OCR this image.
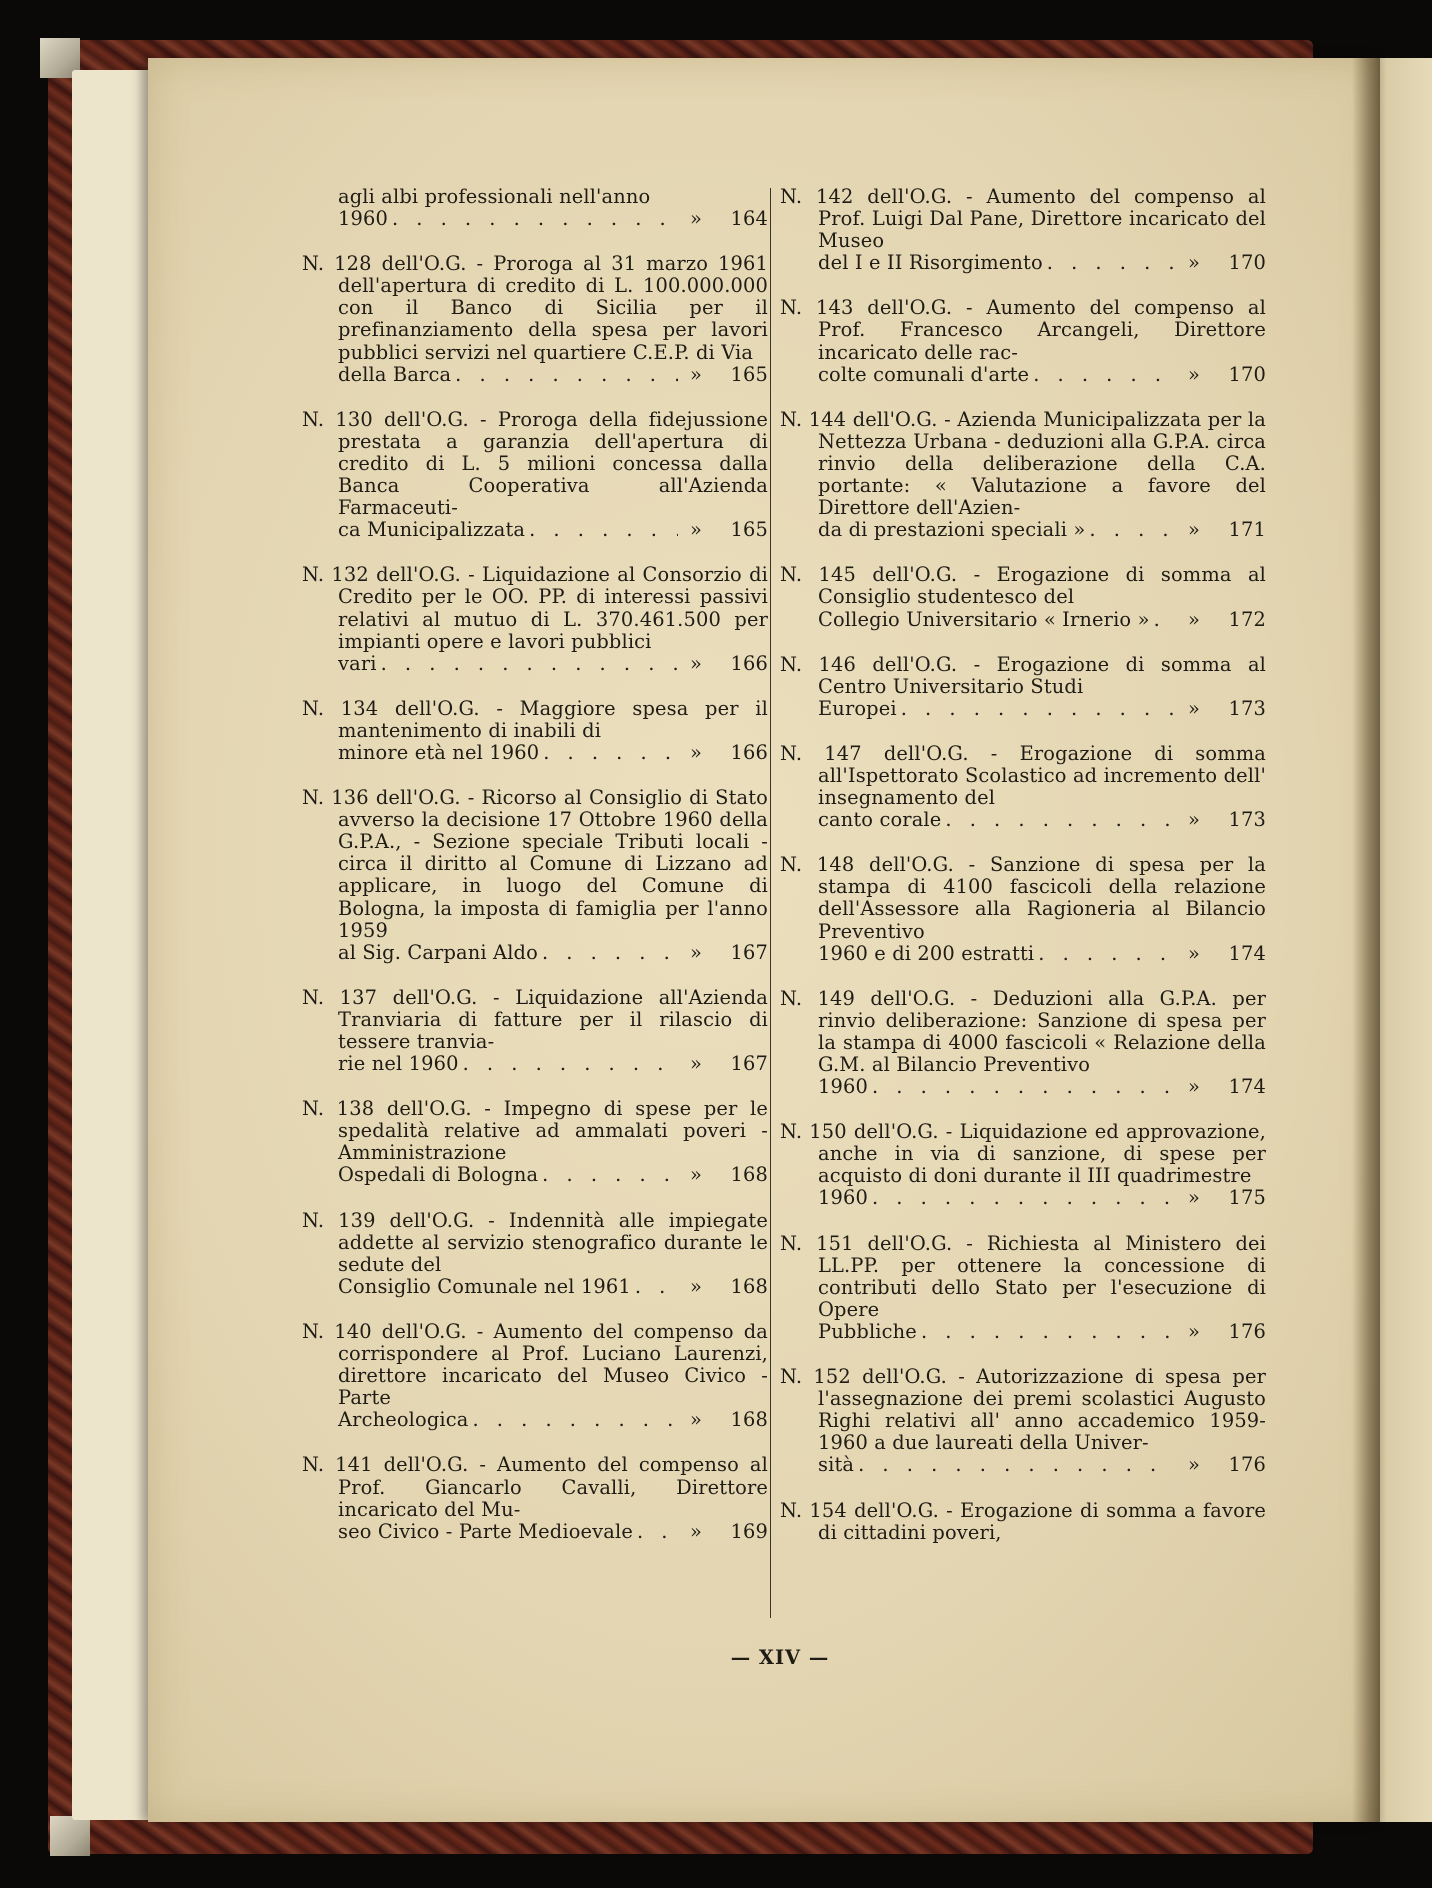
agli albi professionali nell'anno
1960 . . .	»	164
N. 128 dell'O.G. - Proroga al 31 marzo 1961 dell'apertura di credito di L. 100.000.000 con il Banco di Sicilia per il prefinanziamento della spesa per lavori pubblici servizi nel quartiere C.E.P. di Via
della Barca . . .	»	165
N. 130 dell'O.G. - Proroga della fidejussione prestata a garanzia dell'apertura di credito di L. 5 milioni concessa dalla Banca Cooperativa all'Azienda Farmaceuti-
ca Municipalizzata . . .	»	165
N. 132 dell'O.G. - Liquidazione al Consorzio di Credito per le OO. PP. di interessi passivi relativi al mutuo di L. 370.461.500 per impianti opere e lavori pubblici
vari . . .	»	166
N. 134 dell'O.G. - Maggiore spesa per il mantenimento di inabili di
minore età nel 1960 . . .	»	166
N. 136 dell'O.G. - Ricorso al Consiglio di Stato avverso la decisione 17 Ottobre 1960 della G.P.A., - Sezione speciale Tributi locali - circa il diritto al Comune di Lizzano ad applicare, in luogo del Comune di Bologna, la imposta di famiglia per l'anno 1959
al Sig. Carpani Aldo . . .	»	167
N. 137 dell'O.G. - Liquidazione all'Azienda Tranviaria di fatture per il rilascio di tessere tranvia-
rie nel 1960 . . .	»	167
N. 138 dell'O.G. - Impegno di spese per le spedalità relative ad ammalati poveri - Amministrazione
Ospedali di Bologna . . .	»	168
N. 139 dell'O.G. - Indennità alle impiegate addette al servizio stenografico durante le sedute del
Consiglio Comunale nel 1961 . . .	»	168
N. 140 dell'O.G. - Aumento del compenso da corrispondere al Prof. Luciano Laurenzi, direttore incaricato del Museo Civico - Parte
Archeologica . . .	»	168
N. 141 dell'O.G. - Aumento del compenso al Prof. Giancarlo Cavalli, Direttore incaricato del Mu-
seo Civico - Parte Medioevale . . .	»	169
N. 142 dell'O.G. - Aumento del compenso al Prof. Luigi Dal Pane, Direttore incaricato del Museo
del I e II Risorgimento . . .	»	170
N. 143 dell'O.G. - Aumento del compenso al Prof. Francesco Arcangeli, Direttore incaricato delle rac-
colte comunali d'arte . . .	»	170
N. 144 dell'O.G. - Azienda Municipalizzata per la Nettezza Urbana - deduzioni alla G.P.A. circa rinvio della deliberazione della C.A. portante: « Valutazione a favore del Direttore dell'Azien-
da di prestazioni speciali » . . .	»	171
N. 145 dell'O.G. - Erogazione di somma al Consiglio studentesco del
Collegio Universitario « Irnerio » . . .	»	172
N. 146 dell'O.G. - Erogazione di somma al Centro Universitario Studi
Europei . . .	»	173
N. 147 dell'O.G. - Erogazione di somma all'Ispettorato Scolastico ad incremento dell' insegnamento del
canto corale . . .	»	173
N. 148 dell'O.G. - Sanzione di spesa per la stampa di 4100 fascicoli della relazione dell'Assessore alla Ragioneria al Bilancio Preventivo
1960 e di 200 estratti . . .	»	174
N. 149 dell'O.G. - Deduzioni alla G.P.A. per rinvio deliberazione: Sanzione di spesa per la stampa di 4000 fascicoli « Relazione della G.M. al Bilancio Preventivo
1960 . . .	»	174
N. 150 dell'O.G. - Liquidazione ed approvazione, anche in via di sanzione, di spese per acquisto di doni durante il III quadrimestre
1960 . . .	»	175
N. 151 dell'O.G. - Richiesta al Ministero dei LL.PP. per ottenere la concessione di contributi dello Stato per l'esecuzione di Opere
Pubbliche . . .	»	176
N. 152 dell'O.G. - Autorizzazione di spesa per l'assegnazione dei premi scolastici Augusto Righi relativi all' anno accademico 1959-1960 a due laureati della Univer-
sità . . .	»	176
N. 154 dell'O.G. - Erogazione di somma a favore di cittadini poveri,
— XIV —
